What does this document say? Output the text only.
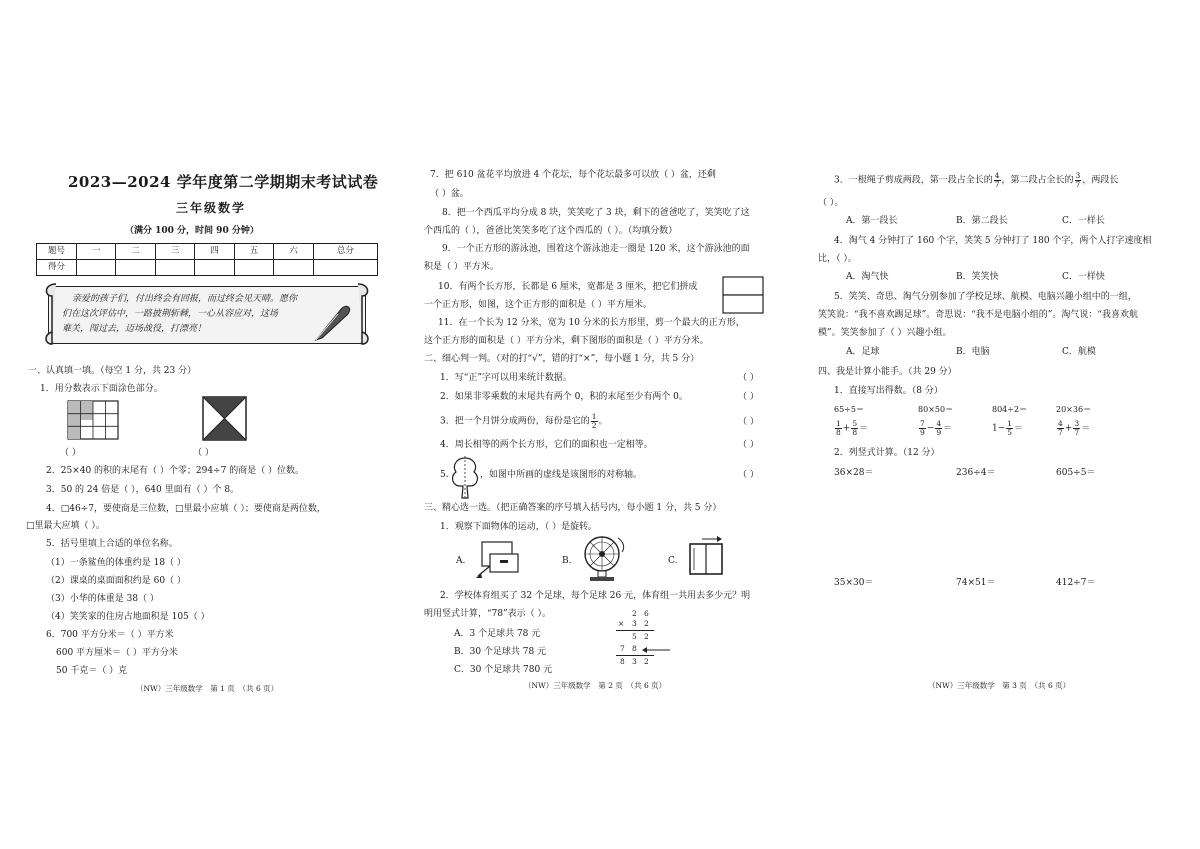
2023—2024 学年度第二学期期末考试试卷
三年级数学
（满分 100 分，时间 90 分钟）
题号	一	二	三	四	五	六	总分
得分							
亲爱的孩子们，付出终会有回报，而过终会见天晴。愿你
们在这次评估中，一路披荆斩棘，一心从容应对，这场
难关，闯过去，迈场战役，打漂亮！
一、认真填一填。（每空 1 分，共 23 分）
1．用分数表示下面涂色部分。
（ ）	（ ）
2．25×40 的积的末尾有（ ）个零；294÷7 的商是（ ）位数。
3．50 的 24 倍是（ ），640 里面有（ ）个 8。
4．□46÷7，要使商是三位数，□里最小应填（ ）；要使商是两位数，
□里最大应填（ ）。
5．括号里填上合适的单位名称。
（1）一条鲨鱼的体重约是 18（ ）
（2）课桌的桌面面积约是 60（ ）
（3）小华的体重是 38（ ）
（4）笑笑家的住房占地面积是 105（ ）
6．700 平方分米＝（ ）平方米
600 平方厘米＝（ ）平方分米
50 千克＝（ ）克
（NW）三年级数学　第 1 页　（共 6 页）
7．把 610 盆花平均放进 4 个花坛，每个花坛最多可以放（ ）盆，还剩
（ ）盆。
8．把一个西瓜平均分成 8 块，笑笑吃了 3 块，剩下的爸爸吃了，笑笑吃了这
个西瓜的（ ），爸爸比笑笑多吃了这个西瓜的（ ）。（均填分数）
9．一个正方形的游泳池，围着这个游泳池走一圈是 120 米，这个游泳池的面
积是（ ）平方米。
10．有两个长方形，长都是 6 厘米，宽都是 3 厘米，把它们拼成
一个正方形，如图，这个正方形的面积是（ ）平方厘米。
11．在一个长为 12 分米，宽为 10 分米的长方形里，剪一个最大的正方形，
这个正方形的面积是（ ）平方分米，剩下图形的面积是（ ）平方分米。
二、细心判一判。（对的打“√”，错的打“×”，每小题 1 分，共 5 分）
1．写“正”字可以用来统计数据。	（ ）
2．如果非零乘数的末尾共有两个 0，积的末尾至少有两个 0。	（ ）
3．把一个月饼分成两份，每份是它的 $\frac{1}{2}$ 。	（ ）
4．周长相等的两个长方形，它们的面积也一定相等。	（ ）
5.	，如图中所画的虚线是该图形的对称轴。	（ ）
三、精心选一选。（把正确答案的序号填入括号内，每小题 1 分，共 5 分）
1．观察下面物体的运动，（ ）是旋转。
A.	B.	C.
2．学校体育组买了 32 个足球，每个足球 26 元，体育组一共用去多少元？明
明用竖式计算，“78”表示（ ）。
A．3 个足球共 78 元
B．30 个足球共 78 元
C．30 个足球共 780 元
2 6
× 3 2
5 2
7 8
8 3 2
（NW）三年级数学　第 2 页　（共 6 页）
3．一根绳子剪成两段，第一段占全长的 $\frac{4}{7}$ ，第二段占全长的 $\frac{3}{7}$ ，两段长
（ ）。
A．第一段长	B．第二段长	C．一样长
4．淘气 4 分钟打了 160 个字，笑笑 5 分钟打了 180 个字，两个人打字速度相
比，（ ）。
A．淘气快	B．笑笑快	C．一样快
5．笑笑、奇思、淘气分别参加了学校足球、航模、电脑兴趣小组中的一组，
笑笑说：“我不喜欢踢足球”。奇思说：“我不是电脑小组的”。淘气说：“我喜欢航
模”。笑笑参加了（ ）兴趣小组。
A．足球	B．电脑	C．航模
四、我是计算小能手。（共 29 分）
1．直接写出得数。（8 分）
65÷5＝	80×50＝	804÷2＝	20×36＝
$\frac{1}{8} + \frac{5}{8}$ ＝	$\frac{7}{9} - \frac{4}{9}$ ＝	$1- \frac{1}{5}$ ＝	$\frac{4}{7} + \frac{3}{7}$ ＝
2．列竖式计算。（12 分）
36×28＝	236÷4＝	605÷5＝
35×30＝	74×51＝	412÷7＝
（NW）三年级数学　第 3 页　（共 6 页）
